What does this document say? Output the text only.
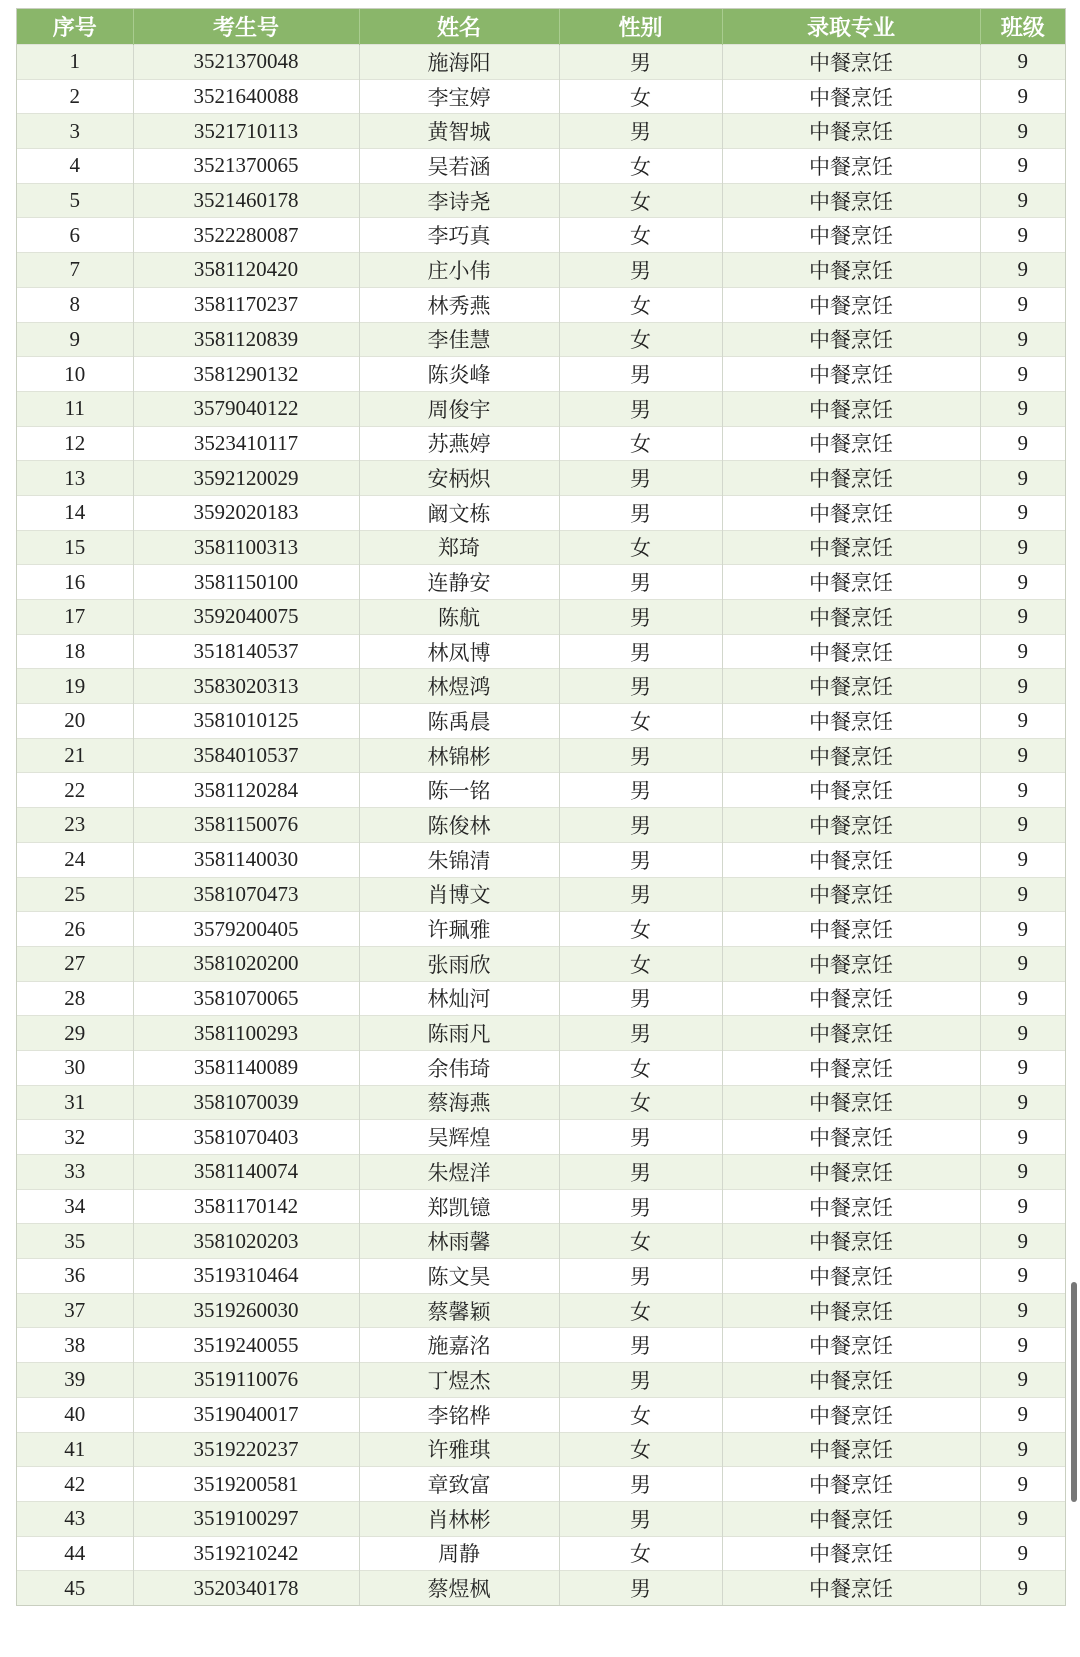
序号	考生号	姓名	性别	录取专业	班级
1	3521370048	施海阳	男	中餐烹饪	9
2	3521640088	李宝婷	女	中餐烹饪	9
3	3521710113	黄智城	男	中餐烹饪	9
4	3521370065	吴若涵	女	中餐烹饪	9
5	3521460178	李诗尧	女	中餐烹饪	9
6	3522280087	李巧真	女	中餐烹饪	9
7	3581120420	庄小伟	男	中餐烹饪	9
8	3581170237	林秀燕	女	中餐烹饪	9
9	3581120839	李佳慧	女	中餐烹饪	9
10	3581290132	陈炎峰	男	中餐烹饪	9
11	3579040122	周俊宇	男	中餐烹饪	9
12	3523410117	苏燕婷	女	中餐烹饪	9
13	3592120029	安柄炽	男	中餐烹饪	9
14	3592020183	阚文栋	男	中餐烹饪	9
15	3581100313	郑琦	女	中餐烹饪	9
16	3581150100	连静安	男	中餐烹饪	9
17	3592040075	陈航	男	中餐烹饪	9
18	3518140537	林凤博	男	中餐烹饪	9
19	3583020313	林煜鸿	男	中餐烹饪	9
20	3581010125	陈禹晨	女	中餐烹饪	9
21	3584010537	林锦彬	男	中餐烹饪	9
22	3581120284	陈一铭	男	中餐烹饪	9
23	3581150076	陈俊林	男	中餐烹饪	9
24	3581140030	朱锦清	男	中餐烹饪	9
25	3581070473	肖博文	男	中餐烹饪	9
26	3579200405	许珮雅	女	中餐烹饪	9
27	3581020200	张雨欣	女	中餐烹饪	9
28	3581070065	林灿河	男	中餐烹饪	9
29	3581100293	陈雨凡	男	中餐烹饪	9
30	3581140089	余伟琦	女	中餐烹饪	9
31	3581070039	蔡海燕	女	中餐烹饪	9
32	3581070403	吴辉煌	男	中餐烹饪	9
33	3581140074	朱煜洋	男	中餐烹饪	9
34	3581170142	郑凯镱	男	中餐烹饪	9
35	3581020203	林雨馨	女	中餐烹饪	9
36	3519310464	陈文昊	男	中餐烹饪	9
37	3519260030	蔡馨颖	女	中餐烹饪	9
38	3519240055	施嘉洺	男	中餐烹饪	9
39	3519110076	丁煜杰	男	中餐烹饪	9
40	3519040017	李铭桦	女	中餐烹饪	9
41	3519220237	许雅琪	女	中餐烹饪	9
42	3519200581	章致富	男	中餐烹饪	9
43	3519100297	肖林彬	男	中餐烹饪	9
44	3519210242	周静	女	中餐烹饪	9
45	3520340178	蔡煜枫	男	中餐烹饪	9
